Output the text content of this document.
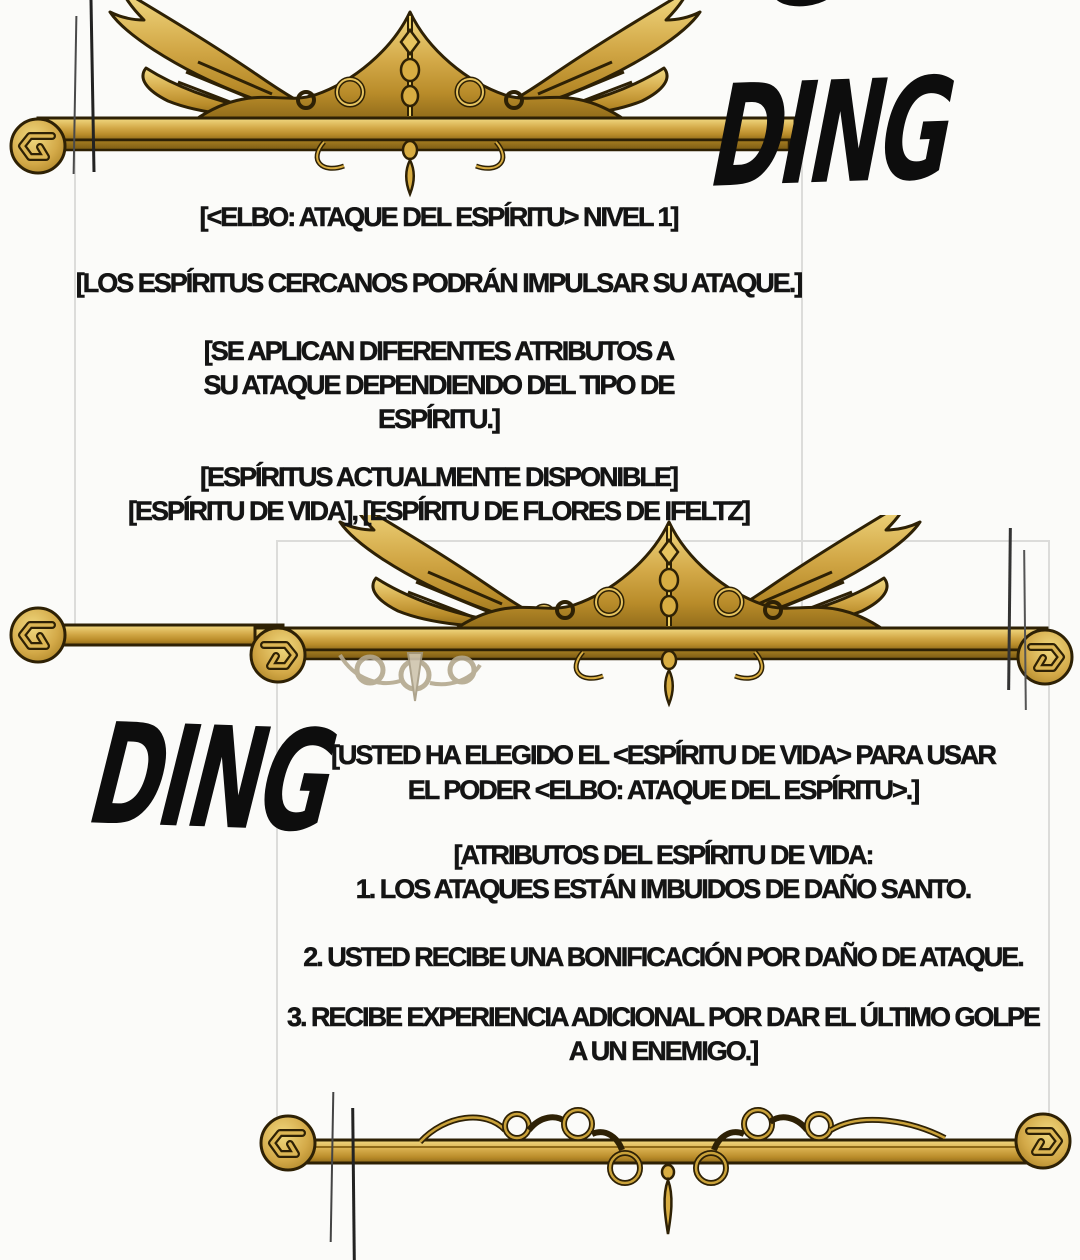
[<ELBO: ATAQUE DEL ESPÍRITU> NIVEL 1]
[LOS ESPÍRITUS CERCANOS PODRÁN IMPULSAR SU ATAQUE.]
[SE APLICAN DIFERENTES ATRIBUTOS A
SU ATAQUE DEPENDIENDO DEL TIPO DE
ESPÍRITU.]
[ESPÍRITUS ACTUALMENTE DISPONIBLE]
[ESPÍRITU DE VIDA], [ESPÍRITU DE FLORES DE IFELTZ]
[USTED HA ELEGIDO EL <ESPÍRITU DE VIDA> PARA USAR
EL PODER <ELBO: ATAQUE DEL ESPÍRITU>.]
[ATRIBUTOS DEL ESPÍRITU DE VIDA:
1. LOS ATAQUES ESTÁN IMBUIDOS DE DAÑO SANTO.
2. USTED RECIBE UNA BONIFICACIÓN POR DAÑO DE ATAQUE.
3. RECIBE EXPERIENCIA ADICIONAL POR DAR EL ÚLTIMO GOLPE
A UN ENEMIGO.]
DING
DING
